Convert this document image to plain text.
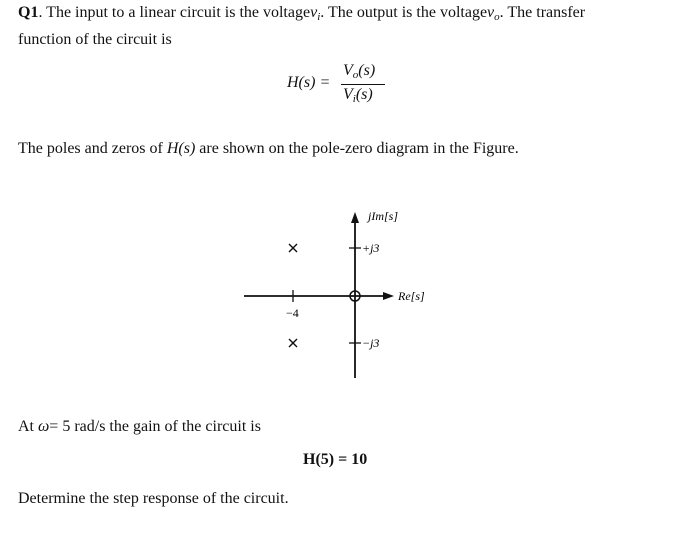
Q1. The input to a linear circuit is the voltagev$_i$. The output is the voltagev$_o$. The transfer
function of the circuit is
H(s) =
$V_o(s)$
$V_i(s)$
The poles and zeros of H(s) are shown on the pole-zero diagram in the Figure.
jIm[s]
Re[s]
+j3
−j3
−4
At ω= 5 rad/s the gain of the circuit is
H(5) = 10
Determine the step response of the circuit.
